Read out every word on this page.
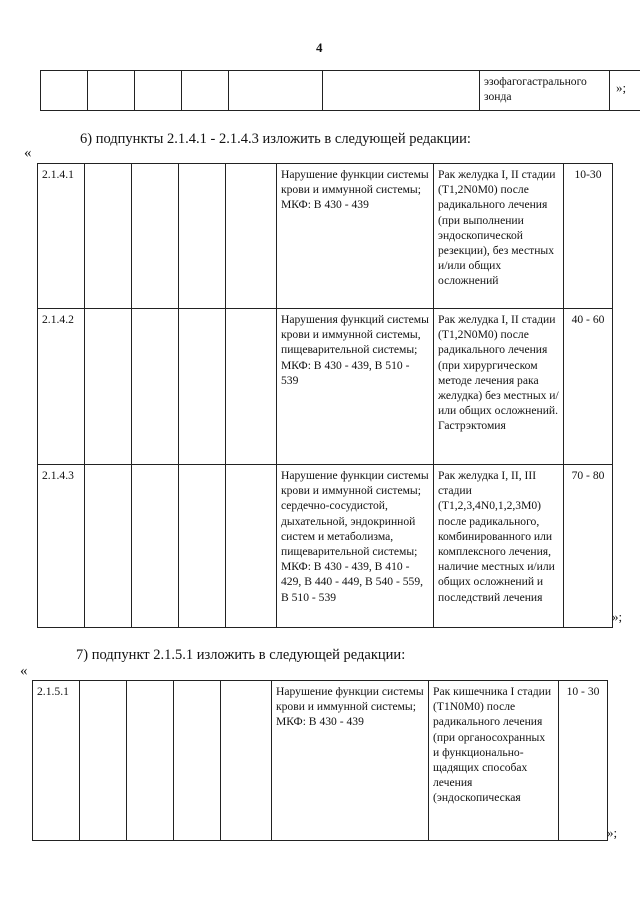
4
						эзофагогастрального зонда	
»;
6) подпункты 2.1.4.1 - 2.1.4.3 изложить в следующей редакции:
«
2.1.4.1					Нарушение функции системы крови и иммунной системы; МКФ: В 430 - 439	Рак желудка I, II стадии (T1,2N0M0) после радикального лечения (при выполнении эндоскопической резекции), без местных и/или общих осложнений	10-30
2.1.4.2					Нарушения функций системы крови и иммунной системы, пищеварительной системы; МКФ: В 430 - 439, В 510 - 539	Рак желудка I, II стадии (T1,2N0M0) после радикального лечения (при хирургическом методе лечения рака желудка) без местных и/или общих осложнений. Гастрэктомия	40 - 60
2.1.4.3					Нарушение функции системы крови и иммунной системы; сердечно-сосудистой, дыхательной, эндокринной систем и метаболизма, пищеварительной системы; МКФ: В 430 - 439, В 410 - 429, В 440 - 449, В 540 - 559, В 510 - 539	Рак желудка I, II, III стадии (T1,2,3,4N0,1,2,3M0) после радикального, комбинированного или комплексного лечения, наличие местных и/или общих осложнений и последствий лечения	70 - 80
»;
7) подпункт 2.1.5.1 изложить в следующей редакции:
«
2.1.5.1					Нарушение функции системы крови и иммунной системы; МКФ: В 430 - 439	Рак кишечника I стадии (T1N0M0) после радикального лечения (при органосохранных и функционально-щадящих способах лечения (эндоскопическая	10 - 30
»;
